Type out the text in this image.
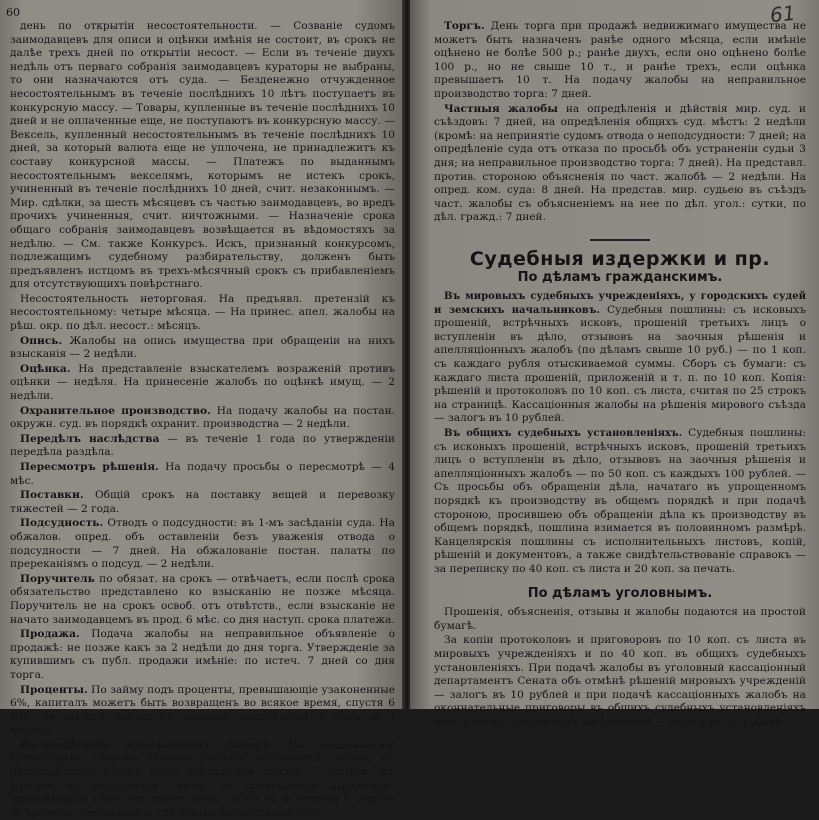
60

день по открытіи несостоятельности. — Созваніе судомъ заимодавцевъ для описи и оцѣнки имѣнія не состоит, въ срокъ не далѣе трехъ дней по открытіи несост. — Если въ теченіе двухъ недѣль отъ перваго собранія заимодавцевъ кураторы не выбраны, то они назначаются отъ суда. — Безденежно отчужденное несостоятельнымъ въ теченіе послѣднихъ 10 лѣтъ поступаетъ въ конкурсную массу. — Товары, купленные въ теченіе послѣднихъ 10 дней и не оплаченные еще, не поступаютъ въ конкурсную массу. — Вексель, купленный несостоятельнымъ въ теченіе послѣднихъ 10 дней, за который валюта еще не уплочена, не принадлежитъ къ составу конкурсной массы. — Платежъ по выданнымъ несостоятельнымъ векселямъ, которымъ не истекъ срокъ, учиненный въ теченіе послѣднихъ 10 дней, счит. незаконнымъ. — Мир. сдѣлки, за шесть мѣсяцевъ съ частью заимодавцевъ, во вредъ прочихъ учиненныя, счит. ничтожными. — Назначеніе срока общаго собранія заимодавцевъ возвѣщается въ вѣдомостяхъ за недѣлю. — См. также Конкурсъ. Искъ, признаный конкурсомъ, подлежащимъ судебному разбирательству, долженъ быть предъявленъ истцомъ въ трехъ-мѣсячный срокъ съ прибавленіемъ для отсутствующихъ повѣрстнаго.

Несостоятельность неторговая. На предъявл. претензій къ несостоятельному: четыре мѣсяца. — На принес. апел. жалобы на рѣш. окр. по дѣл. несост.: мѣсяцъ.

Опись. Жалобы на опись имущества при обращеніи на нихъ взысканія — 2 недѣли.

Оцѣнка. На представленіе взыскателемъ возраженій противъ оцѣнки — недѣля. На принесеніе жалобъ по оцѣнкѣ имущ. — 2 недѣли.

Охранительное производство. На подачу жалобы на постан. окружн. суд. въ порядкѣ охранит. производства — 2 недѣли.

Передѣлъ наслѣдства — въ теченіе 1 года по утвержденіи передѣла раздѣла.

Пересмотръ рѣшенія. На подачу просьбы о пересмотрѣ — 4 мѣс.

Поставки. Общій срокъ на поставку вещей и перевозку тяжестей — 2 года.

Подсудность. Отводъ о подсудности: въ 1-мъ засѣданіи суда. На обжалов. опред. объ оставленіи безъ уваженія отвода о подсудности — 7 дней. На обжалованіе постан. палаты по пререканіямъ о подсуд. — 2 недѣли.

Поручитель по обязат. на срокъ — отвѣчаетъ, если послѣ срока обязательство представлено ко взысканію не позже мѣсяца. Поручитель не на срокъ освоб. отъ отвѣтств., если взысканіе не начато заимодавцемъ въ прод. 6 мѣс. со дня наступ. срока платежа.

Продажа. Подача жалобы на неправильное объявленіе о продажѣ: не позже какъ за 2 недѣли до дня торга. Утвержденіе за купившимъ съ публ. продажи имѣніе: по истеч. 7 дней со дня торга.

Проценты. По займу подъ проценты, превышающіе узаконенные 6%, капиталъ можетъ быть возвращенъ во всякое время, спустя 6 мѣс. по заключ. займа, съ письмен. предупрежд. о томъ за 3 мѣсяца.

Распредѣленіе взысканныхъ денегъ. На предъявленіе кредиторами споровъ противъ расчета, сдѣланнаго судомъ, по распредѣленію между ними взысканной суммы — недѣля. Къ участію во взысканной суммѣ не допускаются кредиторы, предъявившіе свои исполнительные листы по истеченіи 6 недѣль со времени предъявленія той суммы въ окружный судъ.

61

Торгъ. День торга при продажѣ недвижимаго имущества не можетъ быть назначенъ ранѣе одного мѣсяца, если имѣніе оцѣнено не болѣе 500 р.; ранѣе двухъ, если оно оцѣнено болѣе 100 р., но не свыше 10 т., и ранѣе трехъ, если оцѣнка превышаетъ 10 т. На подачу жалобы на неправильное производство торга: 7 дней.

Частныя жалобы на опредѣленія и дѣйствія мир. суд. и съѣздовъ: 7 дней, на опредѣленія общихъ суд. мѣстъ: 2 недѣли (кромѣ: на непринятіе судомъ отвода о неподсудности: 7 дней; на опредѣленіе суда отъ отказа по просьбѣ объ устраненіи судьи 3 дня; на неправильное производство торга: 7 дней). На представл. против. стороною объясненія по част. жалобѣ — 2 недѣли. На опред. ком. суда: 8 дней. На представ. мир. судьею въ съѣздъ част. жалобы съ объясненіемъ на нее по дѣл. угол.: сутки, по дѣл. гражд.: 7 дней.

Судебныя издержки и пр.
По дѣламъ гражданскимъ.

Въ мировыхъ судебныхъ учрежденіяхъ, у городскихъ судей и земскихъ начальниковъ. Судебныя пошлины: съ исковыхъ прошеній, встрѣчныхъ исковъ, прошеній третьихъ лицъ о вступленіи въ дѣло, отзывовъ на заочныя рѣшенія и апелляціонныхъ жалобъ (по дѣламъ свыше 10 руб.) — по 1 коп. съ каждаго рубля отыскиваемой суммы. Сборъ съ бумаги: съ каждаго листа прошеній, приложеній и т. п. по 10 коп. Копія: рѣшеній и протоколовъ по 10 коп. съ листа, считая по 25 строкъ на страницѣ. Кассаціонныя жалобы на рѣшенія мирового съѣзда — залогъ въ 10 рублей.

Въ общихъ судебныхъ установленіяхъ. Судебныя пошлины: съ исковыхъ прошеній, встрѣчныхъ исковъ, прошеній третьихъ лицъ о вступленіи въ дѣло, отзывовъ на заочныя рѣшенія и апелляціонныхъ жалобъ — по 50 коп. съ каждыхъ 100 рублей. — Съ просьбы объ обращеніи дѣла, начатаго въ упрощенномъ порядкѣ къ производству въ общемъ порядкѣ и при подачѣ стороною, просившею объ обращеніи дѣла къ производству въ общемъ порядкѣ, пошлина взимается въ половинномъ размѣрѣ. Канцелярскія пошлины съ исполнительныхъ листовъ, копій, рѣшеній и документовъ, а также свидѣтельствованіе справокъ — за переписку по 40 коп. съ листа и 20 коп. за печать.

По дѣламъ уголовнымъ.

Прошенія, объясненія, отзывы и жалобы подаются на простой бумагѣ.

За копіи протоколовъ и приговоровъ по 10 коп. съ листа въ мировыхъ учрежденіяхъ и по 40 коп. въ общихъ судебныхъ установленіяхъ. При подачѣ жалобы въ уголовный кассаціонный департаментъ Сената объ отмѣнѣ рѣшеній мировыхъ учрежденій — залогъ въ 10 рублей и при подачѣ кассаціонныхъ жалобъ на окончательные приговоры въ общихъ судебныхъ установленіяхъ безъ участія присяжныхъ засѣдателей — залогъ въ 25 рублей.
